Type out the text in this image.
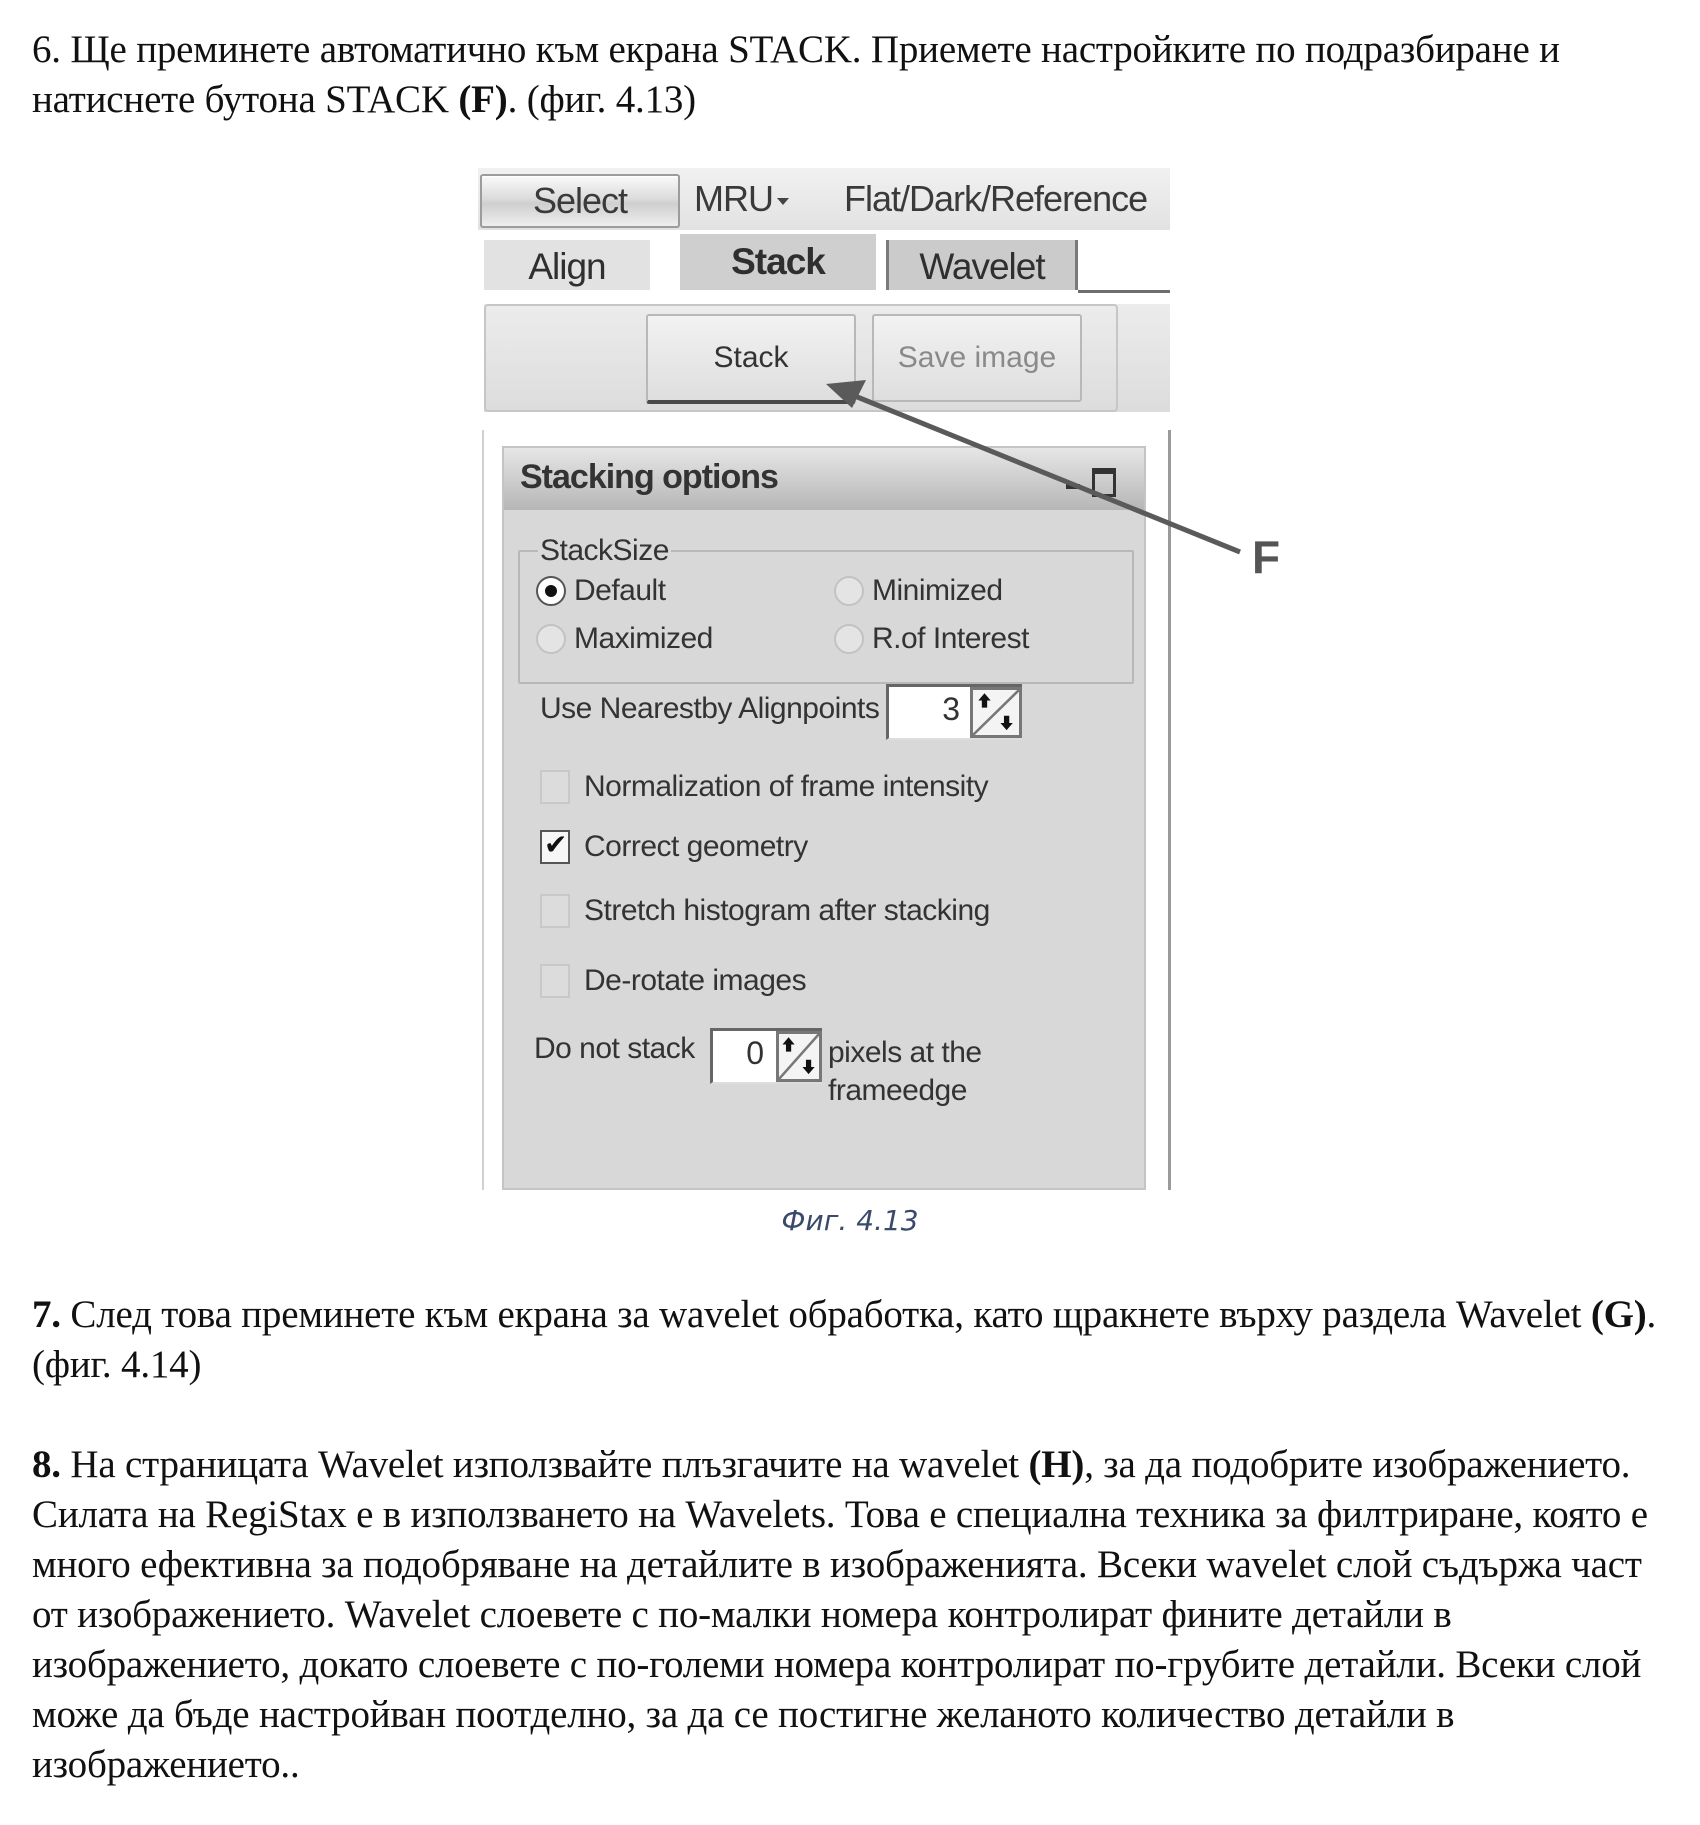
6. Ще преминете автоматично към екрана STACK. Приемете настройките по подразбиране и натиснете бутона STACK (F). (фиг. 4.13)

Select	MRU	Flat/Dark/Reference
Align	Stack	Wavelet
Stack	Save image
Stacking options
StackSize
Default	Minimized
Maximized	R.of Interest
Use Nearestby Alignpoints 3
Normalization of frame intensity
✔
Correct geometry
Stretch histogram after stacking
De-rotate images
Do not stack 0 pixels at the
frameedge
F
Фиг. 4.13

7. След това преминете към екрана за wavelet обработка, като щракнете върху раздела Wavelet (G). (фиг. 4.14)

8. На страницата Wavelet използвайте плъзгачите на wavelet (H), за да подобрите изображението. Силата на RegiStax е в използването на Wavelets. Това е специална техника за филтриране, която е много ефективна за подобряване на детайлите в изображенията. Всеки wavelet слой съдържа част от изображението. Wavelet слоевете с по-малки номера контролират фините детайли в изображението, докато слоевете с по-големи номера контролират по-грубите детайли. Всеки слой може да бъде настройван поотделно, за да се постигне желаното количество детайли в изображението..
